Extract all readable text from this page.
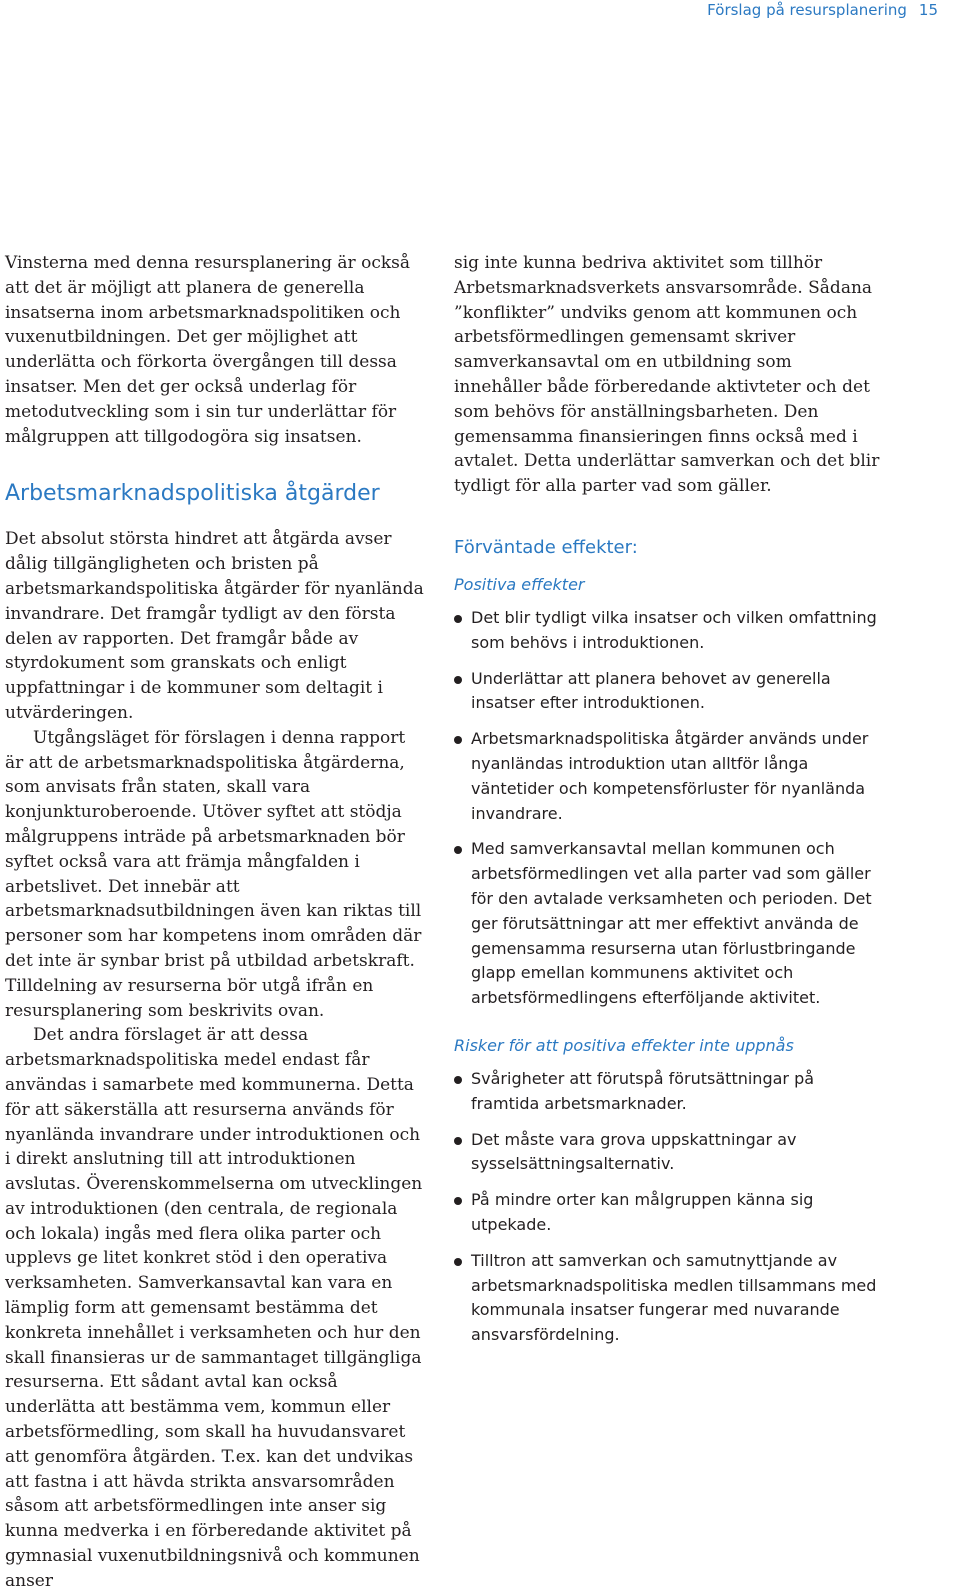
Förslag på resursplanering 15

Vinsterna med denna resursplanering är också att det är möjligt att planera de generella insatserna inom arbetsmarknadspolitiken och vuxenutbildningen. Det ger möjlighet att underlätta och förkorta övergången till dessa insatser. Men det ger också underlag för metodutveckling som i sin tur underlättar för målgruppen att tillgodogöra sig insatsen.

Arbetsmarknadspolitiska åtgärder

Det absolut största hindret att åtgärda avser dålig tillgängligheten och bristen på arbetsmarkandspolitiska åtgärder för nyanlända invandrare. Det framgår tydligt av den första delen av rapporten. Det framgår både av styrdokument som granskats och enligt uppfattningar i de kommuner som deltagit i utvärderingen.

Utgångsläget för förslagen i denna rapport är att de arbetsmarknadspolitiska åtgärderna, som anvisats från staten, skall vara konjunkturoberoende. Utöver syftet att stödja målgruppens inträde på arbetsmarknaden bör syftet också vara att främja mångfalden i arbetslivet. Det innebär att arbetsmarknadsutbildningen även kan riktas till personer som har kompetens inom områden där det inte är synbar brist på utbildad arbetskraft. Tilldelning av resurserna bör utgå ifrån en resursplanering som beskrivits ovan.

Det andra förslaget är att dessa arbetsmarknadspolitiska medel endast får användas i samarbete med kommunerna. Detta för att säkerställa att resurserna används för nyanlända invandrare under introduktionen och i direkt anslutning till att introduktionen avslutas. Överenskommelserna om utvecklingen av introduktionen (den centrala, de regionala och lokala) ingås med flera olika parter och upplevs ge litet konkret stöd i den operativa verksamheten. Samverkansavtal kan vara en lämplig form att gemensamt bestämma det konkreta innehållet i verksamheten och hur den skall finansieras ur de sammantaget tillgängliga resurserna. Ett sådant avtal kan också underlätta att bestämma vem, kommun eller arbetsförmedling, som skall ha huvudansvaret att genomföra åtgärden. T.ex. kan det undvikas att fastna i att hävda strikta ansvarsområden såsom att arbetsförmedlingen inte anser sig kunna medverka i en förberedande aktivitet på gymnasial vuxenutbildningsnivå och kommunen anser

sig inte kunna bedriva aktivitet som tillhör Arbetsmarknadsverkets ansvarsområde. Sådana ”konflikter” undviks genom att kommunen och arbetsförmedlingen gemensamt skriver samverkansavtal om en utbildning som innehåller både förberedande aktivteter och det som behövs för anställningsbarheten. Den gemensamma finansieringen finns också med i avtalet. Detta underlättar samverkan och det blir tydligt för alla parter vad som gäller.

Förväntade effekter:
Positiva effekter
Det blir tydligt vilka insatser och vilken omfattning som behövs i introduktionen.
Underlättar att planera behovet av generella insatser efter introduktionen.
Arbetsmarknadspolitiska åtgärder används under nyanländas introduktion utan alltför långa väntetider och kompetensförluster för nyanlända invandrare.
Med samverkansavtal mellan kommunen och arbetsförmedlingen vet alla parter vad som gäller för den avtalade verksamheten och perioden. Det ger förutsättningar att mer effektivt använda de gemensamma resurserna utan förlustbringande glapp emellan kommunens aktivitet och arbetsförmedlingens efterföljande aktivitet.
Risker för att positiva effekter inte uppnås
Svårigheter att förutspå förutsättningar på framtida arbetsmarknader.
Det måste vara grova uppskattningar av sysselsättningsalternativ.
På mindre orter kan målgruppen känna sig utpekade.
Tilltron att samverkan och samutnyttjande av arbetsmarknadspolitiska medlen tillsammans med kommunala insatser fungerar med nuvarande ansvarsfördelning.
